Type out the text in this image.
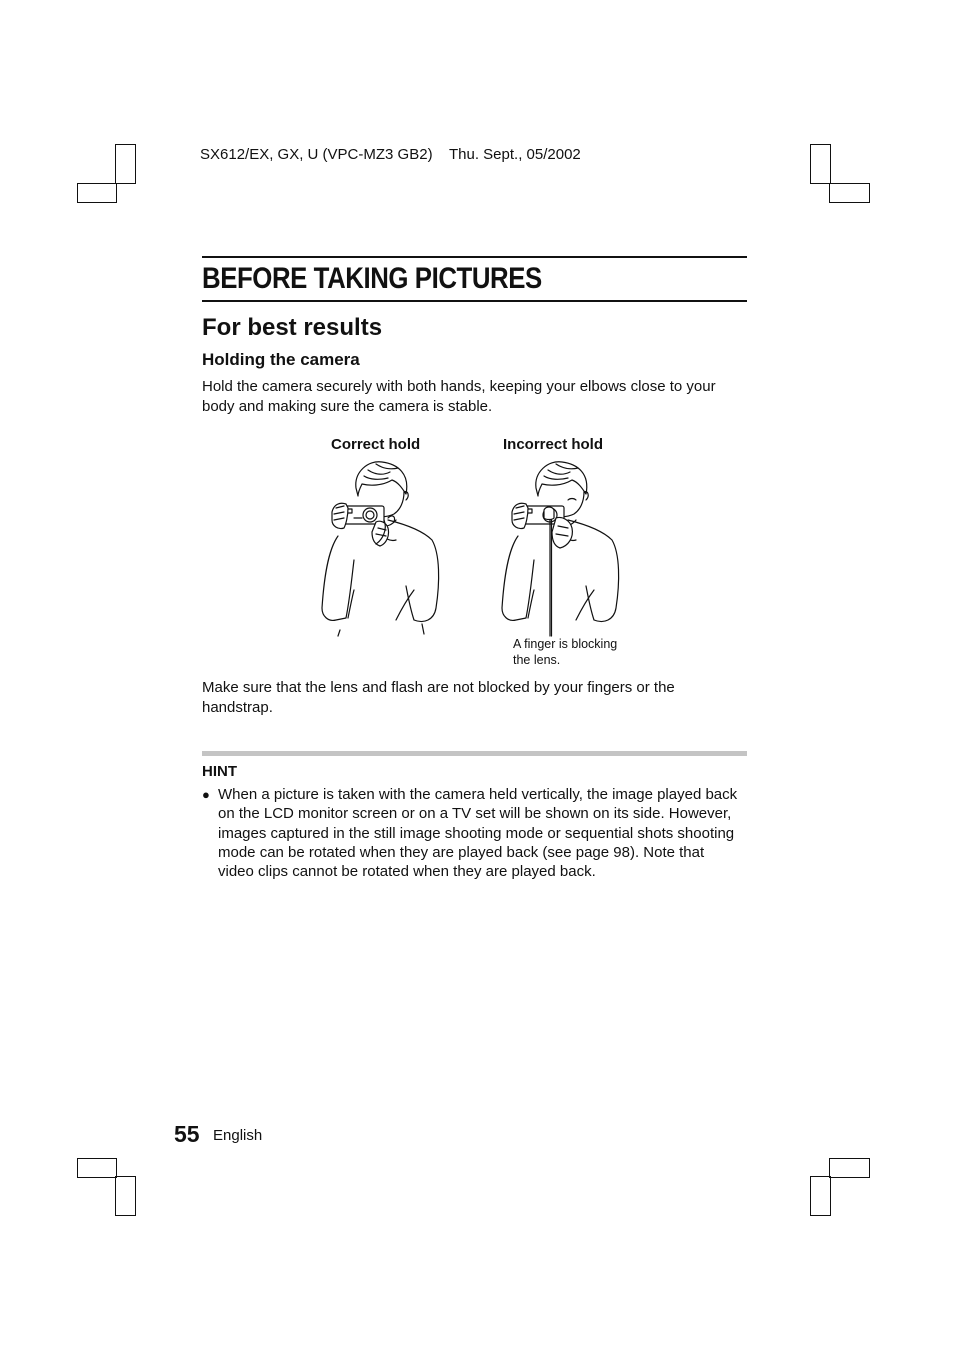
SX612/EX, GX, U (VPC-MZ3 GB2) Thu. Sept., 05/2002
BEFORE TAKING PICTURES
For best results
Holding the camera

Hold the camera securely with both hands, keeping your elbows close to your body and making sure the camera is stable.

Correct hold	Incorrect hold
A finger is blocking the lens.

Make sure that the lens and flash are not blocked by your fingers or the handstrap.

HINT
● When a picture is taken with the camera held vertically, the image played back on the LCD monitor screen or on a TV set will be shown on its side. However, images captured in the still image shooting mode or sequential shots shooting mode can be rotated when they are played back (see page 98). Note that video clips cannot be rotated when they are played back.

55 English
